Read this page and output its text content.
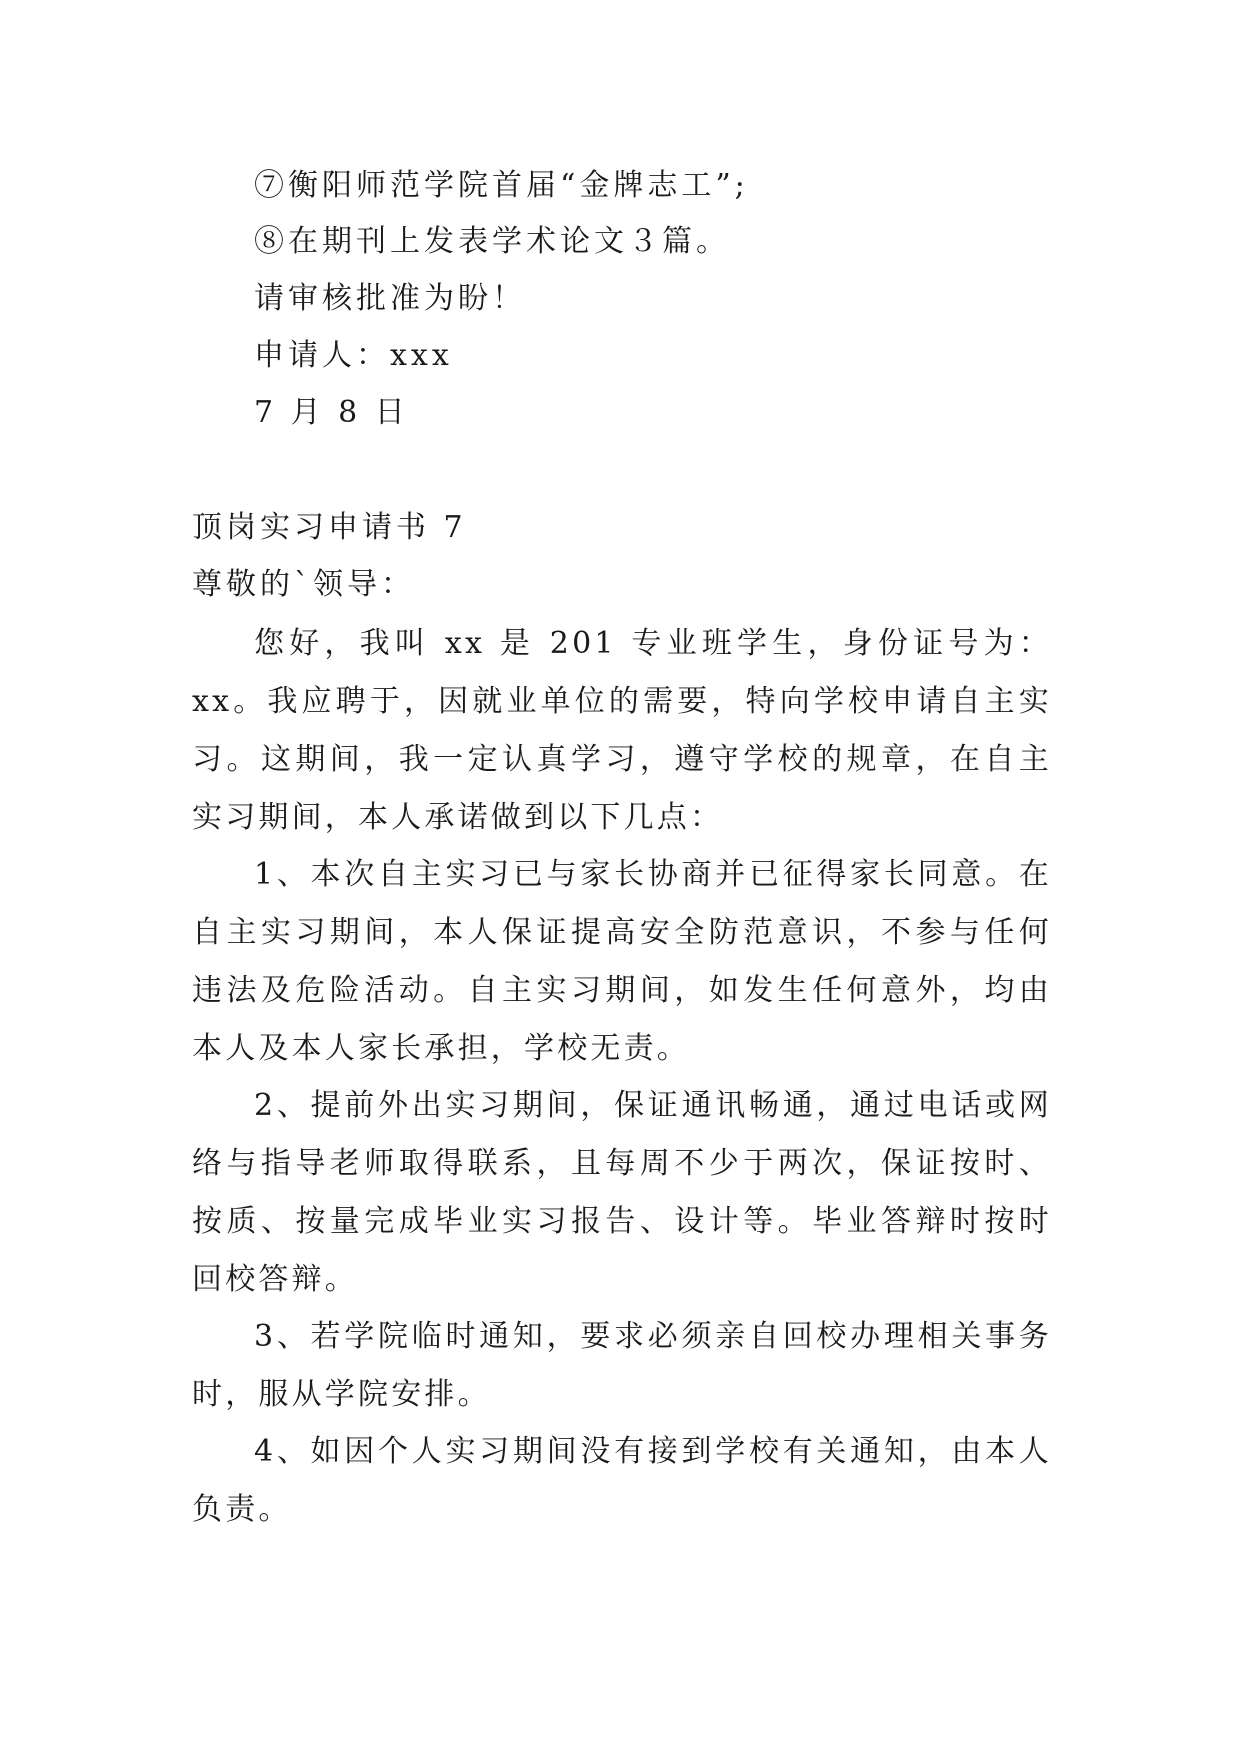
⑦衡阳师范学院首届“金牌志工”;
⑧在期刊上发表学术论文３篇。
请审核批准为盼！
申请人：xxx
7 月 8 日
顶岗实习申请书 7
尊敬的`领导：
您好，我叫 xx 是 201 专业班学生，身份证号为：xx。我应聘于，因就业单位的需要，特向学校申请自主实习。这期间，我一定认真学习，遵守学校的规章，在自主实习期间，本人承诺做到以下几点：
1、本次自主实习已与家长协商并已征得家长同意。在自主实习期间，本人保证提高安全防范意识，不参与任何违法及危险活动。自主实习期间，如发生任何意外，均由本人及本人家长承担，学校无责。
2、提前外出实习期间，保证通讯畅通，通过电话或网络与指导老师取得联系，且每周不少于两次，保证按时、按质、按量完成毕业实习报告、设计等。毕业答辩时按时回校答辩。
3、若学院临时通知，要求必须亲自回校办理相关事务时，服从学院安排。
4、如因个人实习期间没有接到学校有关通知，由本人负责。
